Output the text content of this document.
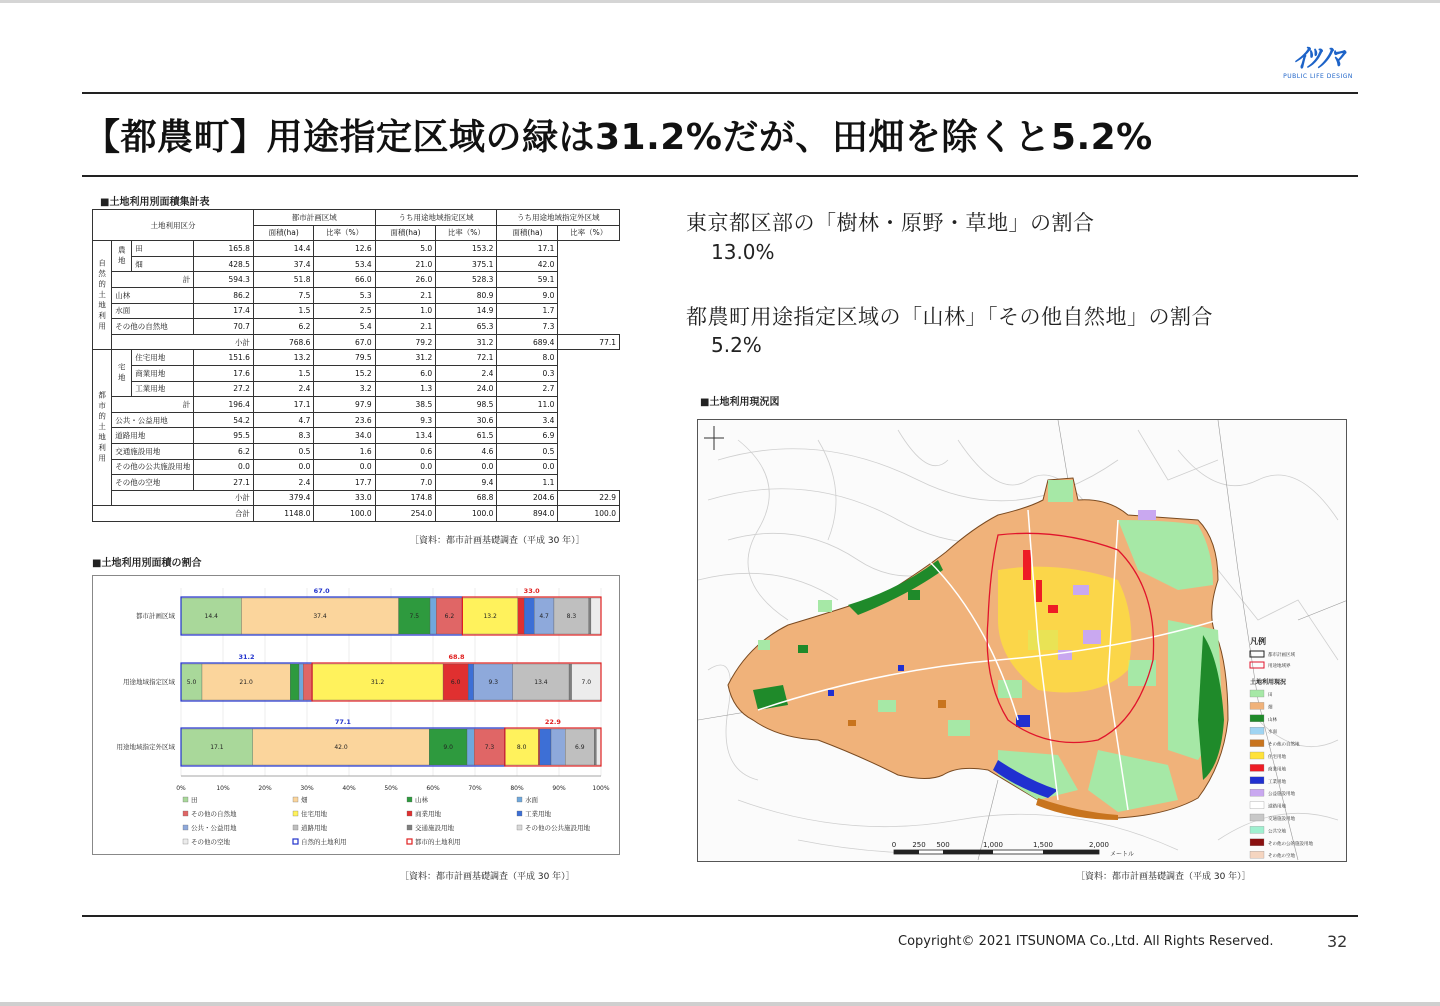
ｲﾂﾉﾏ
PUBLIC LIFE DESIGN
【都農町】用途指定区域の緑は31.2%だが、田畑を除くと5.2%
■土地利用別面積集計表
土地利用区分				都市計画区域		うち用途地域指定区域		うち用途地域指定外区域	
				面積(ha)	比率（%）	面積(ha)	比率（%）	面積(ha)	比率（%）
自然的土地利用	農地	田	165.8	14.4	12.6	5.0	153.2	17.1	
		畑	428.5	37.4	53.4	21.0	375.1	42.0	
	計		594.3	51.8	66.0	26.0	528.3	59.1	
	山林		86.2	7.5	5.3	2.1	80.9	9.0	
	水面		17.4	1.5	2.5	1.0	14.9	1.7	
	その他の自然地		70.7	6.2	5.4	2.1	65.3	7.3	
	小計			768.6	67.0	79.2	31.2	689.4	77.1
都市的土地利用	宅地	住宅用地	151.6	13.2	79.5	31.2	72.1	8.0	
		商業用地	17.6	1.5	15.2	6.0	2.4	0.3	
		工業用地	27.2	2.4	3.2	1.3	24.0	2.7	
	計		196.4	17.1	97.9	38.5	98.5	11.0	
	公共・公益用地		54.2	4.7	23.6	9.3	30.6	3.4	
	道路用地		95.5	8.3	34.0	13.4	61.5	6.9	
	交通施設用地		6.2	0.5	1.6	0.6	4.6	0.5	
	その他の公共施設用地		0.0	0.0	0.0	0.0	0.0	0.0	
	その他の空地		27.1	2.4	17.7	7.0	9.4	1.1	
	小計			379.4	33.0	174.8	68.8	204.6	22.9
合計				1148.0	100.0	254.0	100.0	894.0	100.0
［資料：都市計画基礎調査（平成 30 年）］
■土地利用別面積の割合
0%	10%	20%	30%	40%	50%	60%	70%	80%	90%	100%
都市計画区域	14.4	37.4	7.5	6.2	13.2	4.7	8.3
67.0	33.0
用途地域指定区域 5.0	21.0	31.2	6.0	9.3	13.4	7.0
31.2	68.8
用途地域指定外区域	17.1	42.0	9.0	7.3	8.0	6.9
77.1	22.9
田	畑	山林	水面
その他の自然地	住宅用地	商業用地	工業用地
公共・公益用地	道路用地	交通施設用地	その他の公共施設用地
その他の空地	自然的土地利用	都市的土地利用
［資料：都市計画基礎調査（平成 30 年）］
東京都区部の「樹林・原野・草地」の割合
13.0%
都農町用途指定区域の「山林」「その他自然地」の割合
5.2%
■土地利用現況図
0 250 500	1,000	1,500	2,000
メートル
凡例
都市計画区域
用途地域界
土地利用現況
田
畑
山林
水面
その他の自然地
住宅用地
商業用地
工業用地
公益施設用地
道路用地
交通施設用地
公共空地
その他の公的施設用地
その他の空地
［資料：都市計画基礎調査（平成 30 年）］
Copyright© 2021 ITSUNOMA Co.,Ltd. All Rights Reserved.	32
